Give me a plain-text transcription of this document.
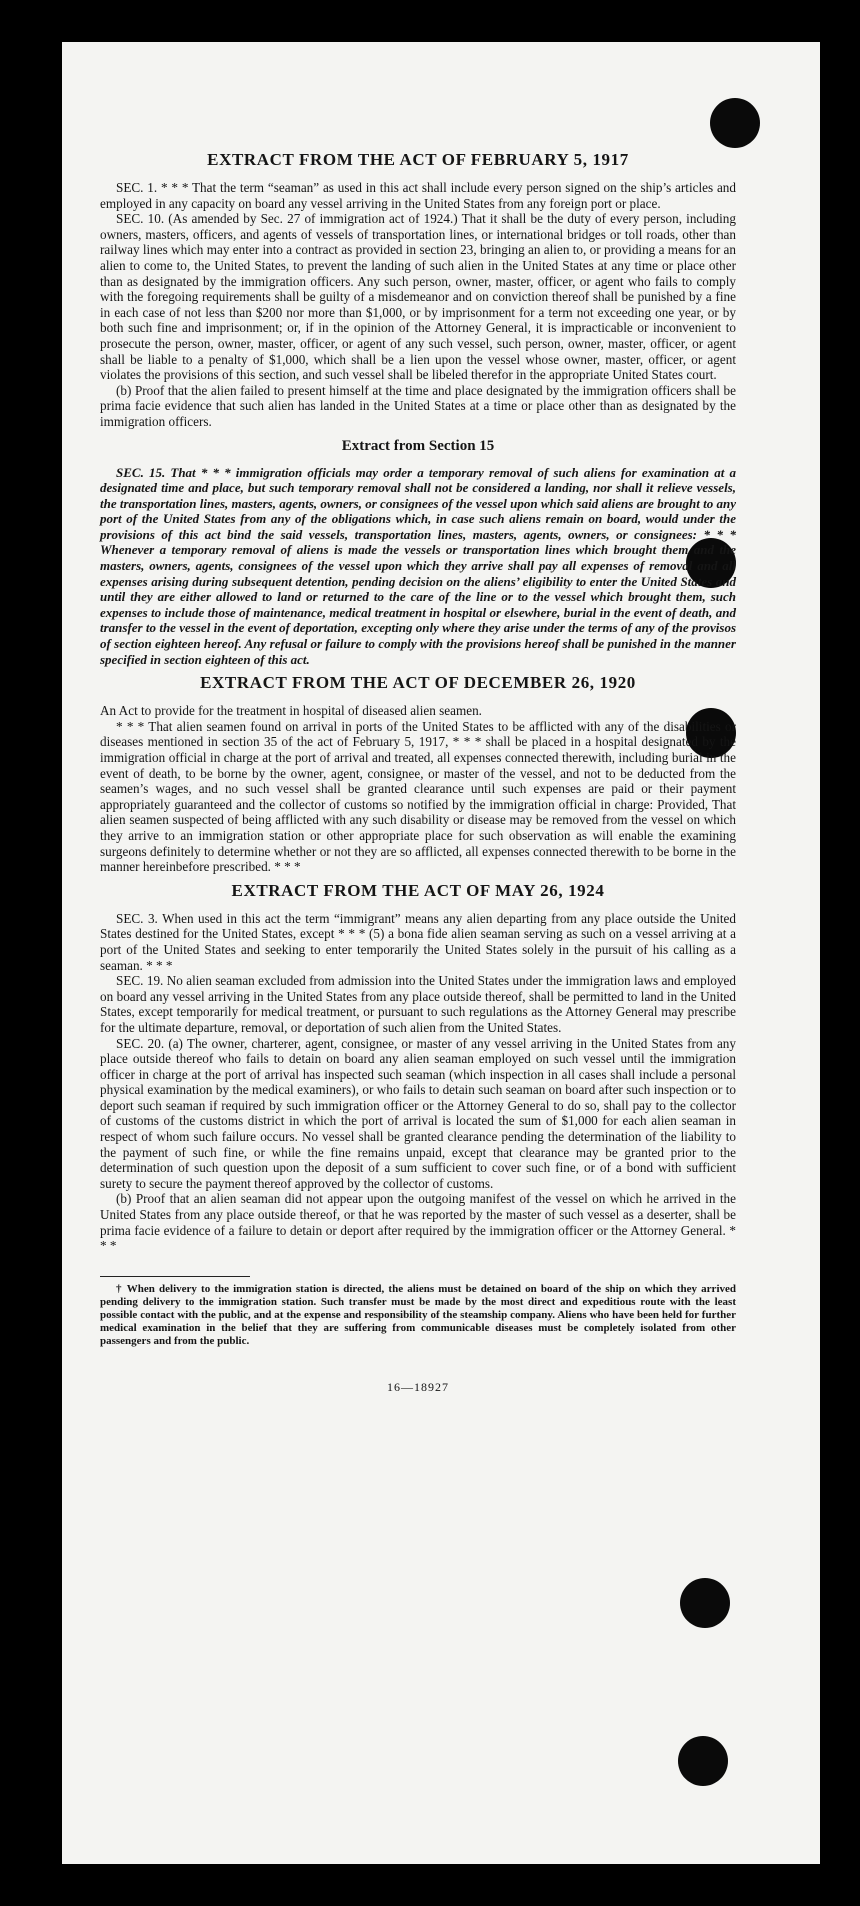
EXTRACT FROM THE ACT OF FEBRUARY 5, 1917

SEC. 1. * * * That the term “seaman” as used in this act shall include every person signed on the ship’s articles and employed in any capacity on board any vessel arriving in the United States from any foreign port or place.

SEC. 10. (As amended by Sec. 27 of immigration act of 1924.) That it shall be the duty of every person, including owners, masters, officers, and agents of vessels of transportation lines, or international bridges or toll roads, other than railway lines which may enter into a contract as provided in section 23, bringing an alien to, or providing a means for an alien to come to, the United States, to prevent the landing of such alien in the United States at any time or place other than as designated by the immigration officers. Any such person, owner, master, officer, or agent who fails to comply with the foregoing requirements shall be guilty of a misdemeanor and on conviction thereof shall be punished by a fine in each case of not less than $200 nor more than $1,000, or by imprisonment for a term not exceeding one year, or by both such fine and imprisonment; or, if in the opinion of the Attorney General, it is impracticable or inconvenient to prosecute the person, owner, master, officer, or agent of any such vessel, such person, owner, master, officer, or agent shall be liable to a penalty of $1,000, which shall be a lien upon the vessel whose owner, master, officer, or agent violates the provisions of this section, and such vessel shall be libeled therefor in the appropriate United States court.

(b) Proof that the alien failed to present himself at the time and place designated by the immigration officers shall be prima facie evidence that such alien has landed in the United States at a time or place other than as designated by the immigration officers.

Extract from Section 15

SEC. 15. That * * * immigration officials may order a temporary removal of such aliens for examination at a designated time and place, but such temporary removal shall not be considered a landing, nor shall it relieve vessels, the transportation lines, masters, agents, owners, or consignees of the vessel upon which said aliens are brought to any port of the United States from any of the obligations which, in case such aliens remain on board, would under the provisions of this act bind the said vessels, transportation lines, masters, agents, owners, or consignees: * * * Whenever a temporary removal of aliens is made the vessels or transportation lines which brought them and the masters, owners, agents, consignees of the vessel upon which they arrive shall pay all expenses of removal and all expenses arising during subsequent detention, pending decision on the aliens’ eligibility to enter the United States and until they are either allowed to land or returned to the care of the line or to the vessel which brought them, such expenses to include those of maintenance, medical treatment in hospital or elsewhere, burial in the event of death, and transfer to the vessel in the event of deportation, excepting only where they arise under the terms of any of the provisos of section eighteen hereof. Any refusal or failure to comply with the provisions hereof shall be punished in the manner specified in section eighteen of this act.

EXTRACT FROM THE ACT OF DECEMBER 26, 1920

An Act to provide for the treatment in hospital of diseased alien seamen.

* * * That alien seamen found on arrival in ports of the United States to be afflicted with any of the disabilities or diseases mentioned in section 35 of the act of February 5, 1917, * * * shall be placed in a hospital designated by the immigration official in charge at the port of arrival and treated, all expenses connected therewith, including burial in the event of death, to be borne by the owner, agent, consignee, or master of the vessel, and not to be deducted from the seamen’s wages, and no such vessel shall be granted clearance until such expenses are paid or their payment appropriately guaranteed and the collector of customs so notified by the immigration official in charge: Provided, That alien seamen suspected of being afflicted with any such disability or disease may be removed from the vessel on which they arrive to an immigration station or other appropriate place for such observation as will enable the examining surgeons definitely to determine whether or not they are so afflicted, all expenses connected therewith to be borne in the manner hereinbefore prescribed. * * *

EXTRACT FROM THE ACT OF MAY 26, 1924

SEC. 3. When used in this act the term “immigrant” means any alien departing from any place outside the United States destined for the United States, except * * * (5) a bona fide alien seaman serving as such on a vessel arriving at a port of the United States and seeking to enter temporarily the United States solely in the pursuit of his calling as a seaman. * * *

SEC. 19. No alien seaman excluded from admission into the United States under the immigration laws and employed on board any vessel arriving in the United States from any place outside thereof, shall be permitted to land in the United States, except temporarily for medical treatment, or pursuant to such regulations as the Attorney General may prescribe for the ultimate departure, removal, or deportation of such alien from the United States.

SEC. 20. (a) The owner, charterer, agent, consignee, or master of any vessel arriving in the United States from any place outside thereof who fails to detain on board any alien seaman employed on such vessel until the immigration officer in charge at the port of arrival has inspected such seaman (which inspection in all cases shall include a personal physical examination by the medical examiners), or who fails to detain such seaman on board after such inspection or to deport such seaman if required by such immigration officer or the Attorney General to do so, shall pay to the collector of customs of the customs district in which the port of arrival is located the sum of $1,000 for each alien seaman in respect of whom such failure occurs. No vessel shall be granted clearance pending the determination of the liability to the payment of such fine, or while the fine remains unpaid, except that clearance may be granted prior to the determination of such question upon the deposit of a sum sufficient to cover such fine, or of a bond with sufficient surety to secure the payment thereof approved by the collector of customs.

(b) Proof that an alien seaman did not appear upon the outgoing manifest of the vessel on which he arrived in the United States from any place outside thereof, or that he was reported by the master of such vessel as a deserter, shall be prima facie evidence of a failure to detain or deport after required by the immigration officer or the Attorney General. * * *

† When delivery to the immigration station is directed, the aliens must be detained on board of the ship on which they arrived pending delivery to the immigration station. Such transfer must be made by the most direct and expeditious route with the least possible contact with the public, and at the expense and responsibility of the steamship company. Aliens who have been held for further medical examination in the belief that they are suffering from communicable diseases must be completely isolated from other passengers and from the public.

16—18927
